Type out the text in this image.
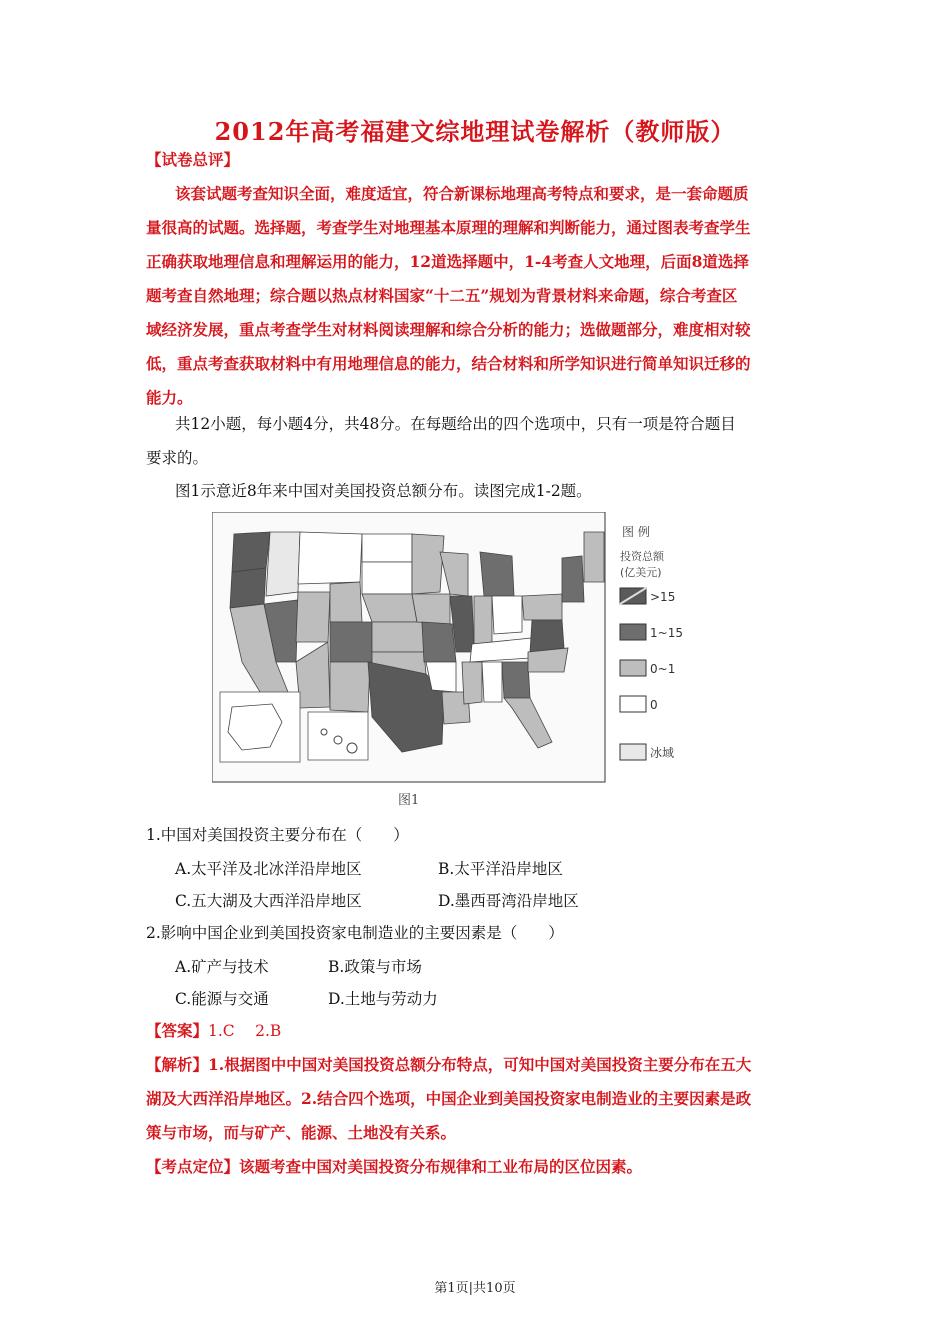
2012年高考福建文综地理试卷解析（教师版）
【试卷总评】
该套试题考查知识全面，难度适宜，符合新课标地理高考特点和要求，是一套命题质
量很高的试题。选择题，考查学生对地理基本原理的理解和判断能力，通过图表考查学生
正确获取地理信息和理解运用的能力，12道选择题中，1-4考查人文地理，后面8道选择
题考查自然地理；综合题以热点材料国家“十二五”规划为背景材料来命题，综合考查区
域经济发展，重点考查学生对材料阅读理解和综合分析的能力；选做题部分，难度相对较
低，重点考查获取材料中有用地理信息的能力，结合材料和所学知识进行简单知识迁移的
能力。
共12小题，每小题4分，共48分。在每题给出的四个选项中，只有一项是符合题目
要求的。
图1示意近8年来中国对美国投资总额分布。读图完成1-2题。
图 例
投资总额
(亿美元)
>15
1~15
0~1
0
冰域
图1
1.中国对美国投资主要分布在（　　）
A.太平洋及北冰洋沿岸地区	B.太平洋沿岸地区
C.五大湖及大西洋沿岸地区	D.墨西哥湾沿岸地区
2.影响中国企业到美国投资家电制造业的主要因素是（　　）
A.矿产与技术	B.政策与市场
C.能源与交通	D.土地与劳动力
【答案】1.C　 2.B
【解析】1.根据图中中国对美国投资总额分布特点，可知中国对美国投资主要分布在五大
湖及大西洋沿岸地区。2.结合四个选项，中国企业到美国投资家电制造业的主要因素是政
策与市场，而与矿产、能源、土地没有关系。
【考点定位】该题考查中国对美国投资分布规律和工业布局的区位因素。
第1页|共10页
